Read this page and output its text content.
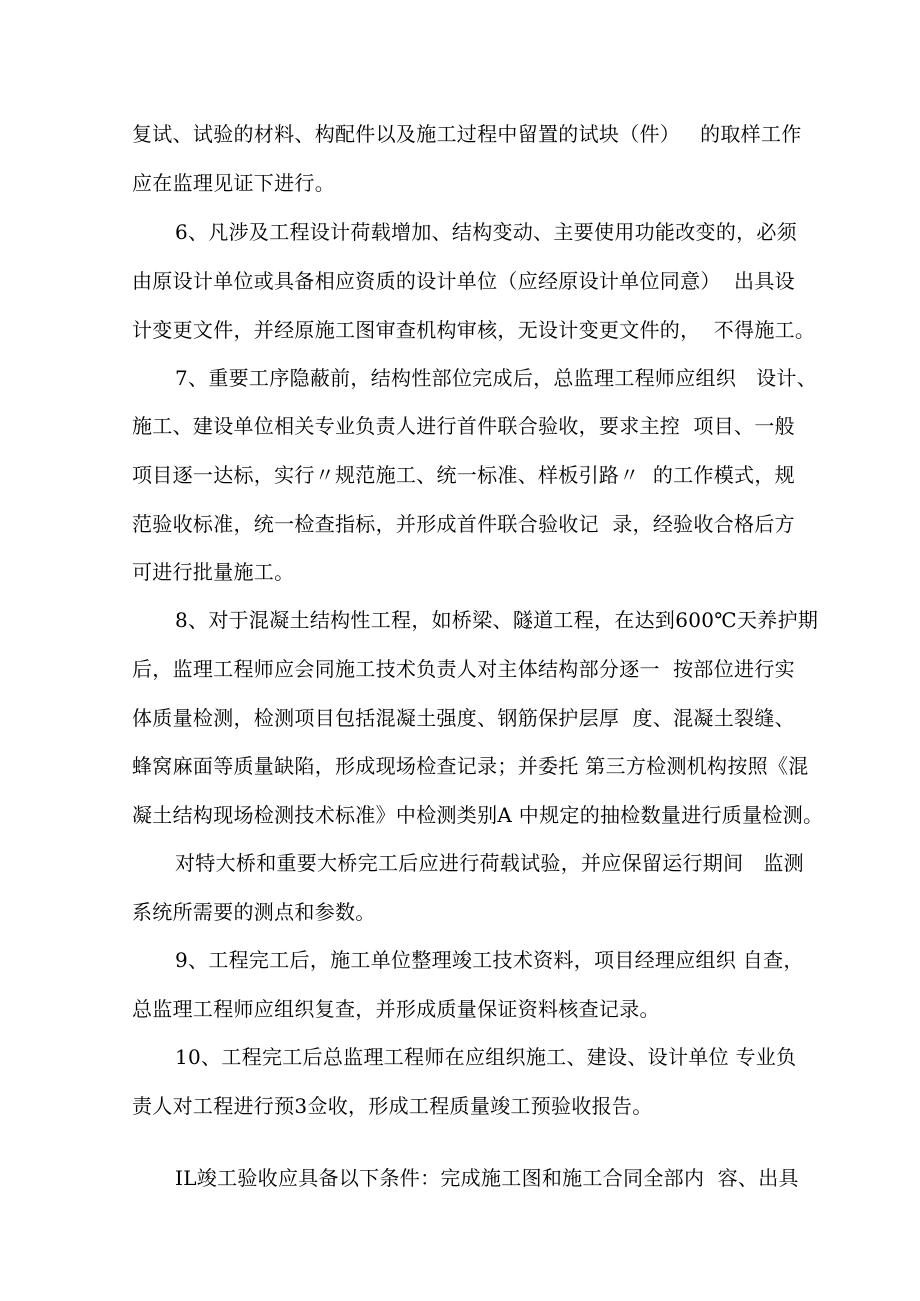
复试、试验的材料、构配件以及施工过程中留置的试块（件）   的取样工作
应在监理见证下进行。
6、凡涉及工程设计荷载增加、结构变动、主要使用功能改变的，必须
由原设计单位或具备相应资质的设计单位（应经原设计单位同意）  出具设
计变更文件，并经原施工图审查机构审核，无设计变更文件的，  不得施工。
7、重要工序隐蔽前，结构性部位完成后，总监理工程师应组织   设计、
施工、建设单位相关专业负责人进行首件联合验收，要求主控  项目、一般
项目逐一达标，实行〃规范施工、统一标准、样板引路〃  的工作模式，规
范验收标准，统一检查指标，并形成首件联合验收记  录，经验收合格后方
可进行批量施工。
8、对于混凝土结构性工程，如桥梁、隧道工程，在达到600℃天养护期
后，监理工程师应会同施工技术负责人对主体结构部分逐一  按部位进行实
体质量检测，检测项目包括混凝土强度、钢筋保护层厚  度、混凝土裂缝、
蜂窝麻面等质量缺陷，形成现场检查记录；并委托 第三方检测机构按照《混
凝土结构现场检测技术标准》中检测类别A 中规定的抽检数量进行质量检测。
对特大桥和重要大桥完工后应进行荷载试验，并应保留运行期间   监测
系统所需要的测点和参数。
9、工程完工后，施工单位整理竣工技术资料，项目经理应组织 自查，
总监理工程师应组织复查，并形成质量保证资料核查记录。
10、工程完工后总监理工程师在应组织施工、建设、设计单位 专业负
责人对工程进行预3佥收，形成工程质量竣工预验收报告。
IL竣工验收应具备以下条件：完成施工图和施工合同全部内  容、出具
